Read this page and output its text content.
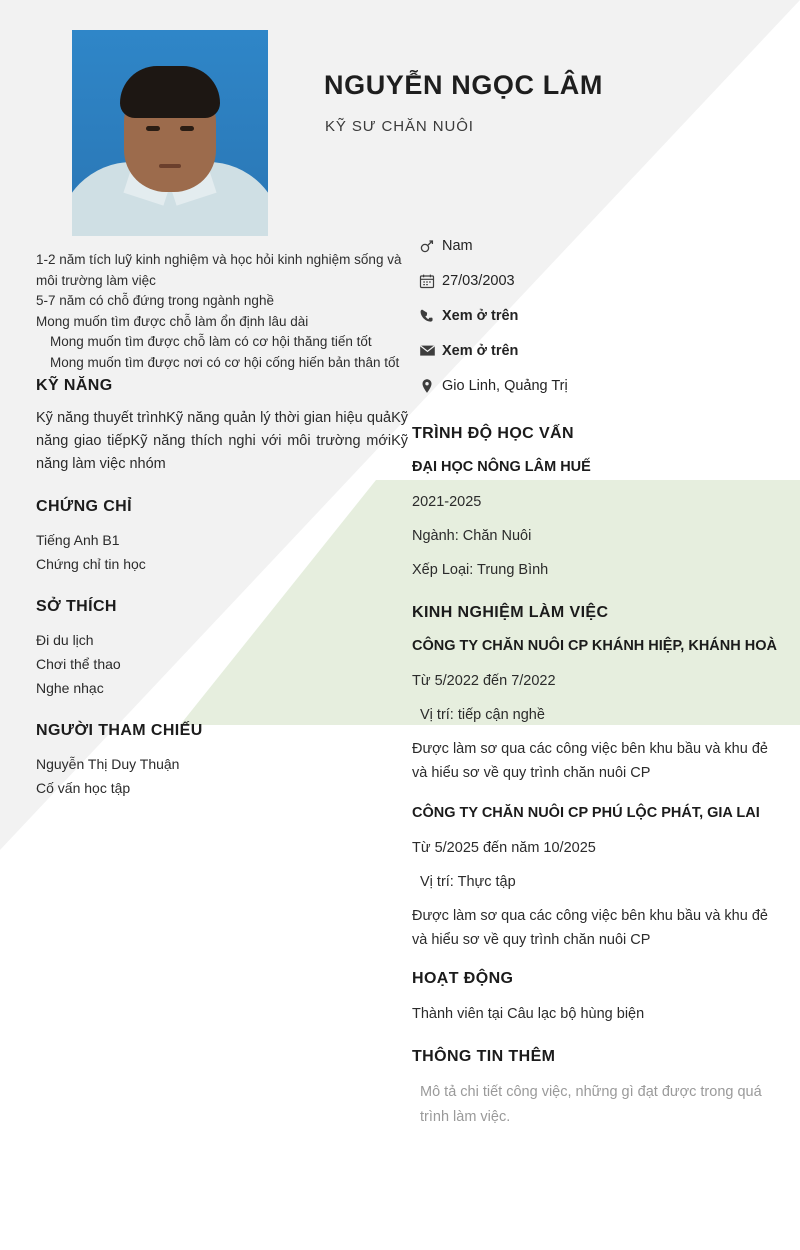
NGUYỄN NGỌC LÂM
KỸ SƯ CHĂN NUÔI
1-2 năm tích luỹ kinh nghiệm và học hỏi kinh nghiệm sống và môi trường làm việc
5-7 năm có chỗ đứng trong ngành nghề
Mong muốn tìm được chỗ làm ổn định lâu dài
Mong muốn tìm được chỗ làm có cơ hội thăng tiến tốt
Mong muốn tìm được nơi có cơ hội cống hiến bản thân tốt
KỸ NĂNG
Kỹ năng thuyết trìnhKỹ năng quản lý thời gian hiệu quảKỹ năng giao tiếpKỹ năng thích nghi với môi trường mớiKỹ năng làm việc nhóm
CHỨNG CHỈ
Tiếng Anh B1
Chứng chỉ tin học
SỞ THÍCH
Đi du lịch
Chơi thể thao
Nghe nhạc
NGƯỜI THAM CHIẾU
Nguyễn Thị Duy Thuận
Cố vấn học tập
Nam
27/03/2003
Xem ở trên
Xem ở trên
Gio Linh, Quảng Trị
TRÌNH ĐỘ HỌC VẤN
ĐẠI HỌC NÔNG LÂM HUẾ
2021-2025
Ngành: Chăn Nuôi
Xếp Loại: Trung Bình
KINH NGHIỆM LÀM VIỆC
CÔNG TY CHĂN NUÔI CP KHÁNH HIỆP, KHÁNH HOÀ
Từ 5/2022 đến 7/2022
Vị trí: tiếp cận nghề
Được làm sơ qua các công việc bên khu bầu và khu đẻ và hiểu sơ về quy trình chăn nuôi CP
CÔNG TY CHĂN NUÔI CP PHÚ LỘC PHÁT, GIA LAI
Từ 5/2025 đến năm 10/2025
Vị trí: Thực tập
Được làm sơ qua các công việc bên khu bầu và khu đẻ và hiểu sơ về quy trình chăn nuôi CP
HOẠT ĐỘNG
Thành viên tại Câu lạc bộ hùng biện
THÔNG TIN THÊM
Mô tả chi tiết công việc, những gì đạt được trong quá trình làm việc.
